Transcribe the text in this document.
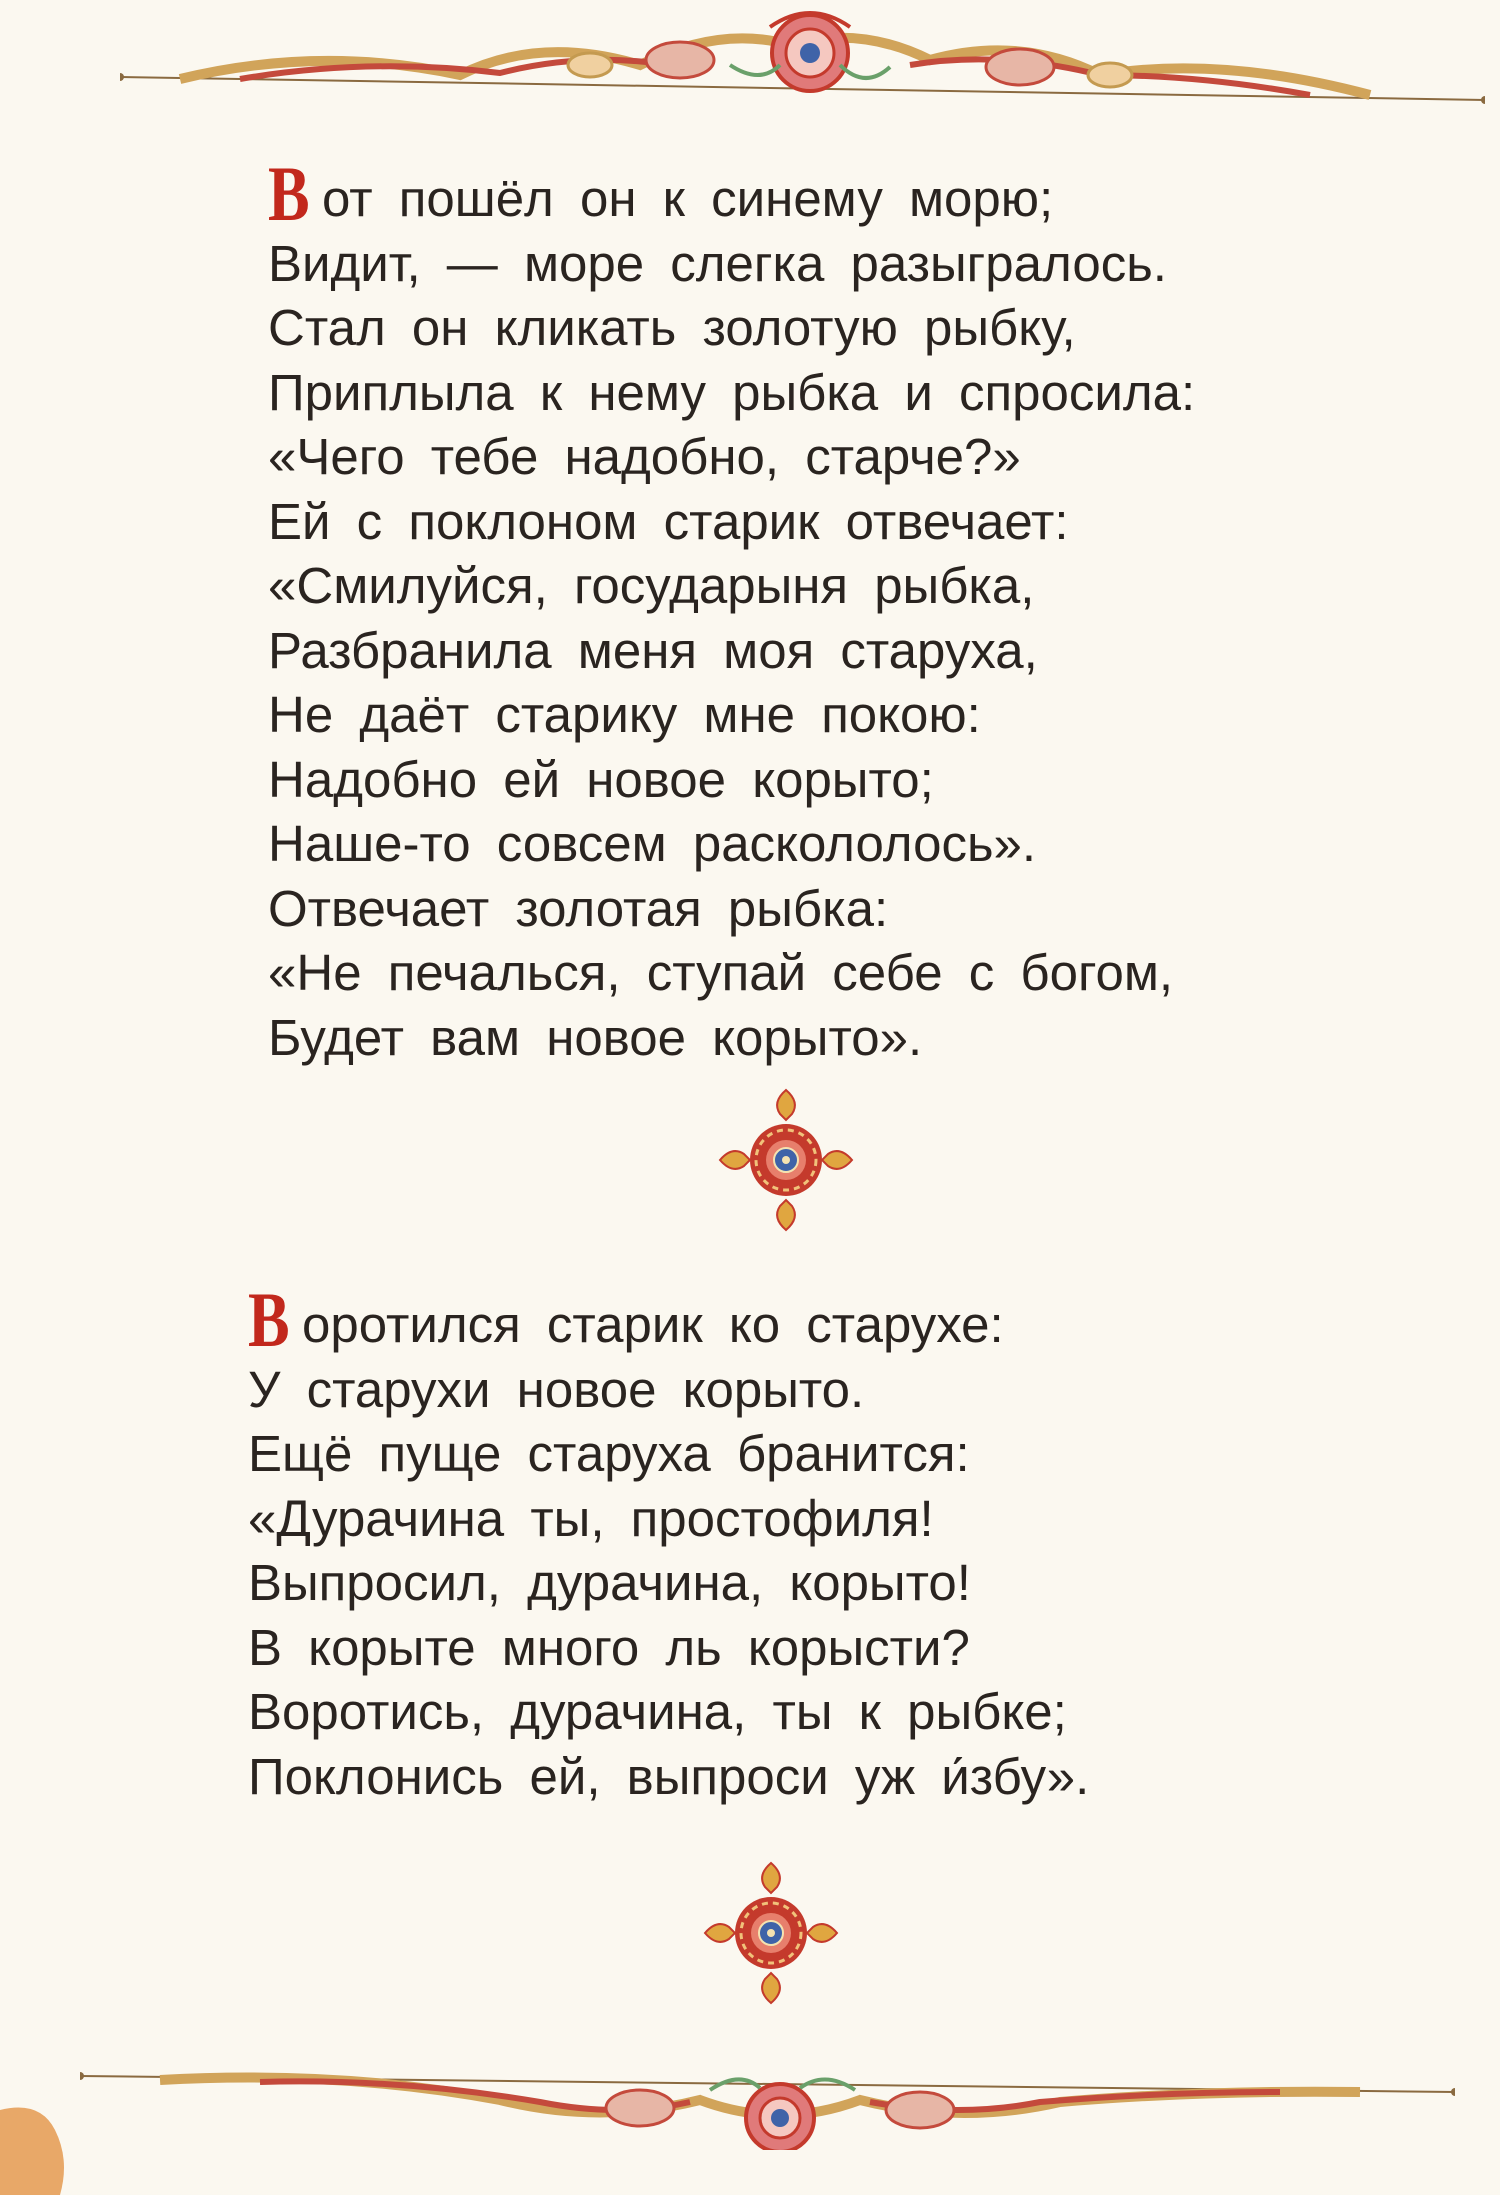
Вот пошёл он к синему морю;
Видит, — море слегка разыгралось.
Стал он кликать золотую рыбку,
Приплыла к нему рыбка и спросила:
«Чего тебе надобно, старче?»
Ей с поклоном старик отвечает:
«Смилуйся, государыня рыбка,
Разбранила меня моя старуха,
Не даёт старику мне покою:
Надобно ей новое корыто;
Наше-то совсем раскололось».
Отвечает золотая рыбка:
«Не печалься, ступай себе с богом,
Будет вам новое корыто».
Воротился старик ко старухе:
У старухи новое корыто.
Ещё пуще старуха бранится:
«Дурачина ты, простофиля!
Выпросил, дурачина, корыто!
В корыте много ль корысти?
Воротись, дурачина, ты к рыбке;
Поклонись ей, выпроси уж и́збу».
